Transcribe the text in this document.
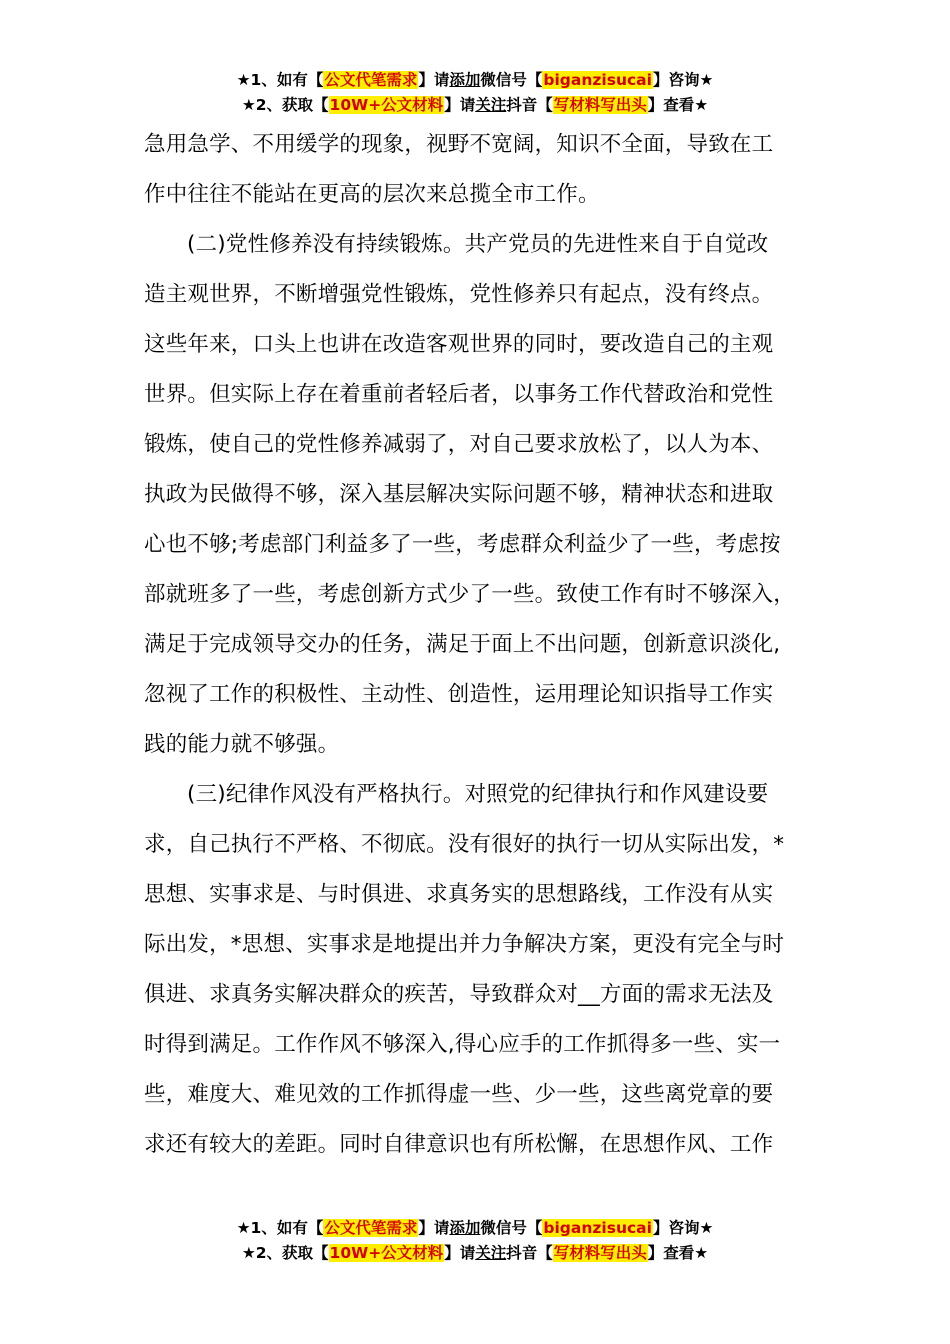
★1、如有【公文代笔需求】请添加微信号【biganzisucai】咨询★
★2、获取【10W+公文材料】请关注抖音【写材料写出头】查看★
急用急学、不用缓学的现象，视野不宽阔，知识不全面，导致在工
作中往往不能站在更高的层次来总揽全市工作。
(二)党性修养没有持续锻炼。共产党员的先进性来自于自觉改
造主观世界，不断增强党性锻炼，党性修养只有起点，没有终点。
这些年来，口头上也讲在改造客观世界的同时，要改造自己的主观
世界。但实际上存在着重前者轻后者，以事务工作代替政治和党性
锻炼，使自己的党性修养减弱了，对自己要求放松了，以人为本、
执政为民做得不够，深入基层解决实际问题不够，精神状态和进取
心也不够;考虑部门利益多了一些，考虑群众利益少了一些，考虑按
部就班多了一些，考虑创新方式少了一些。致使工作有时不够深入，
满足于完成领导交办的任务，满足于面上不出问题，创新意识淡化,
忽视了工作的积极性、主动性、创造性，运用理论知识指导工作实
践的能力就不够强。
(三)纪律作风没有严格执行。对照党的纪律执行和作风建设要
求，自己执行不严格、不彻底。没有很好的执行一切从实际出发，*
思想、实事求是、与时俱进、求真务实的思想路线，工作没有从实
际出发，*思想、实事求是地提出并力争解决方案，更没有完全与时
俱进、求真务实解决群众的疾苦，导致群众对__方面的需求无法及
时得到满足。工作作风不够深入,得心应手的工作抓得多一些、实一
些，难度大、难见效的工作抓得虚一些、少一些，这些离党章的要
求还有较大的差距。同时自律意识也有所松懈，在思想作风、工作
★1、如有【公文代笔需求】请添加微信号【biganzisucai】咨询★
★2、获取【10W+公文材料】请关注抖音【写材料写出头】查看★
